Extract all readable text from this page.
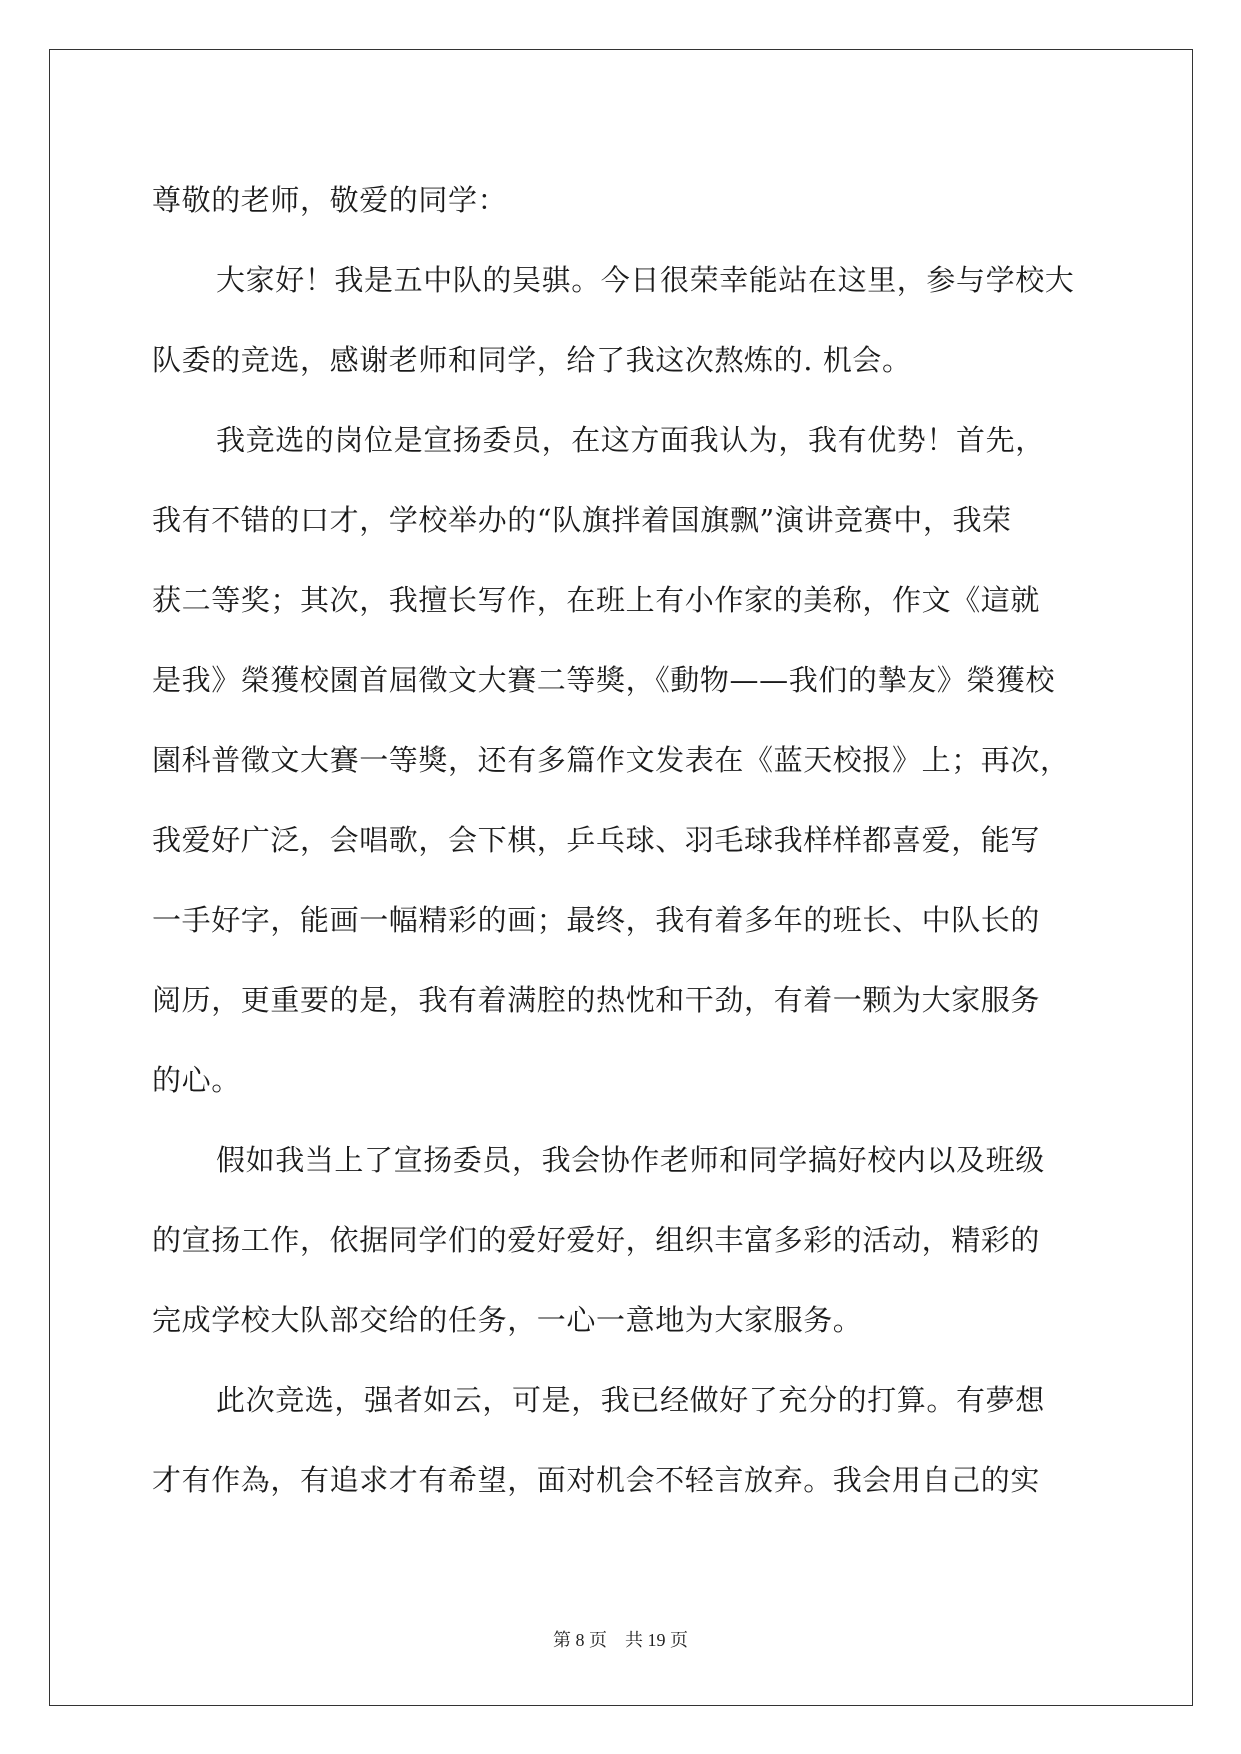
尊敬的老师，敬爱的同学：
大家好！我是五中队的吴骐。今日很荣幸能站在这里，参与学校大
队委的竞选，感谢老师和同学，给了我这次熬炼的. 机会。
我竞选的岗位是宣扬委员，在这方面我认为，我有优势！首先，
我有不错的口才，学校举办的“队旗拌着国旗飘”演讲竞赛中，我荣
获二等奖；其次，我擅长写作，在班上有小作家的美称，作文《這就
是我》榮獲校園首屆徵文大賽二等獎，《動物——我们的摯友》榮獲校
園科普徵文大賽一等獎，还有多篇作文发表在《蓝天校报》上；再次，
我爱好广泛，会唱歌，会下棋，乒乓球、羽毛球我样样都喜爱，能写
一手好字，能画一幅精彩的画；最终，我有着多年的班长、中队长的
阅历，更重要的是，我有着满腔的热忱和干劲，有着一颗为大家服务
的心。
假如我当上了宣扬委员，我会协作老师和同学搞好校内以及班级
的宣扬工作，依据同学们的爱好爱好，组织丰富多彩的活动，精彩的
完成学校大队部交给的任务，一心一意地为大家服务。
此次竞选，强者如云，可是，我已经做好了充分的打算。有夢想
才有作為，有追求才有希望，面对机会不轻言放弃。我会用自己的实
第 8 页    共 19 页
